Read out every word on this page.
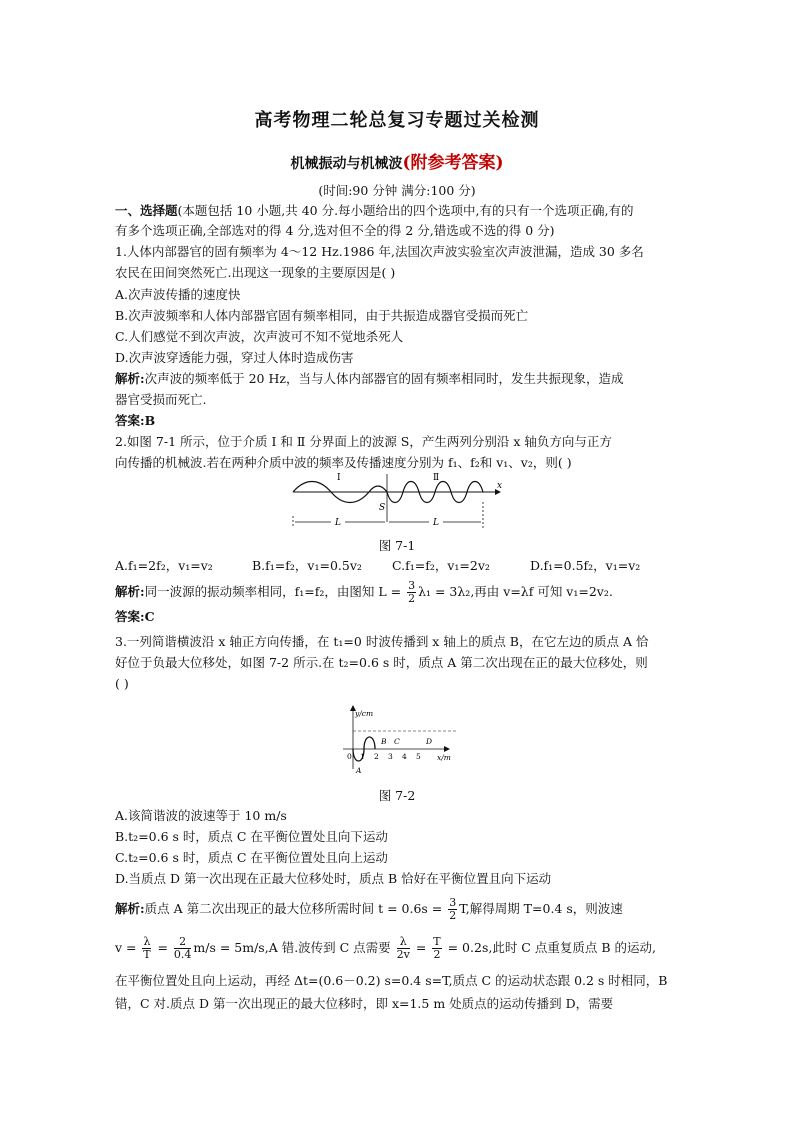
高考物理二轮总复习专题过关检测
机械振动与机械波(附参考答案)
(时间:90 分钟 满分:100 分)
一、选择题(本题包括 10 小题,共 40 分.每小题给出的四个选项中,有的只有一个选项正确,有的
有多个选项正确,全部选对的得 4 分,选对但不全的得 2 分,错选或不选的得 0 分)
1.人体内部器官的固有频率为 4～12 Hz.1986 年,法国次声波实验室次声波泄漏，造成 30 多名
农民在田间突然死亡.出现这一现象的主要原因是( )
A.次声波传播的速度快
B.次声波频率和人体内部器官固有频率相同，由于共振造成器官受损而死亡
C.人们感觉不到次声波，次声波可不知不觉地杀死人
D.次声波穿透能力强，穿过人体时造成伤害
解析:次声波的频率低于 20 Hz，当与人体内部器官的固有频率相同时，发生共振现象，造成
器官受损而死亡.
答案:B
2.如图 7-1 所示，位于介质 Ⅰ 和 Ⅱ 分界面上的波源 S，产生两列分别沿 x 轴负方向与正方
向传播的机械波.若在两种介质中波的频率及传播速度分别为 f₁、f₂和 v₁、v₂，则( )
Ⅰ	Ⅱ
S
x
L	L
图 7-1
A.f₁=2f₂，v₁=v₂	B.f₁=f₂，v₁=0.5v₂ C.f₁=f₂，v₁=2v₂	D.f₁=0.5f₂，v₁=v₂
解析:同一波源的振动频率相同，f₁=f₂，由图知 $L = \frac{3}{2} \lambda_1 = 3\lambda_2$,再由 v=λf 可知 v₁=2v₂.
答案:C
3.一列简谐横波沿 x 轴正方向传播，在 t₁=0 时波传播到 x 轴上的质点 B，在它左边的质点 A 恰
好位于负最大位移处，如图 7-2 所示.在 t₂=0.6 s 时，质点 A 第二次出现在正的最大位移处，则
( )
y/cm
x/m
0 1 2 3 4 5
A
B C	D
图 7-2
A.该简谐波的波速等于 10 m/s
B.t₂=0.6 s 时，质点 C 在平衡位置处且向下运动
C.t₂=0.6 s 时，质点 C 在平衡位置处且向上运动
D.当质点 D 第一次出现在正最大位移处时，质点 B 恰好在平衡位置且向下运动
解析:质点 A 第二次出现正的最大位移所需时间 $t = 0.6s = \frac{3}{2} T$,解得周期 T=0.4 s，则波速
$v = \frac{\lambda}{T} = \frac{2}{0.4} m/s = 5m/s,A$ 错.波传到 C 点需要 $\frac{\lambda}{2v} = \frac{T}{2} = 0.2s$,此时 C 点重复质点 B 的运动,
在平衡位置处且向上运动，再经 Δt=(0.6－0.2) s=0.4 s=T,质点 C 的运动状态跟 0.2 s 时相同，B
错，C 对.质点 D 第一次出现正的最大位移时，即 x=1.5 m 处质点的运动传播到 D，需要
